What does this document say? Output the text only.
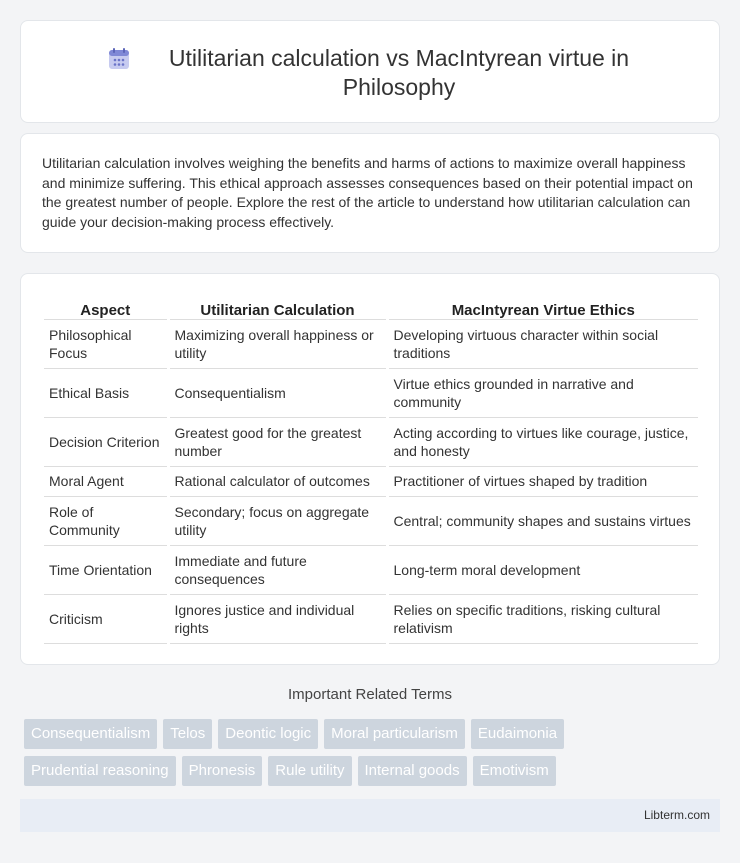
Utilitarian calculation vs MacIntyrean virtue in Philosophy

Utilitarian calculation involves weighing the benefits and harms of actions to maximize overall happiness and minimize suffering. This ethical approach assesses consequences based on their potential impact on the greatest number of people. Explore the rest of the article to understand how utilitarian calculation can guide your decision-making process effectively.

Aspect	Utilitarian Calculation	MacIntyrean Virtue Ethics
Philosophical Focus	Maximizing overall happiness or utility	Developing virtuous character within social traditions
Ethical Basis	Consequentialism	Virtue ethics grounded in narrative and community
Decision Criterion	Greatest good for the greatest number	Acting according to virtues like courage, justice, and honesty
Moral Agent	Rational calculator of outcomes	Practitioner of virtues shaped by tradition
Role of Community	Secondary; focus on aggregate utility	Central; community shapes and sustains virtues
Time Orientation	Immediate and future consequences	Long-term moral development
Criticism	Ignores justice and individual rights	Relies on specific traditions, risking cultural relativism
Important Related Terms
Consequentialism	Telos	Deontic logic	Moral particularism	Eudaimonia
Prudential reasoning	Phronesis	Rule utility	Internal goods	Emotivism
Libterm.com
